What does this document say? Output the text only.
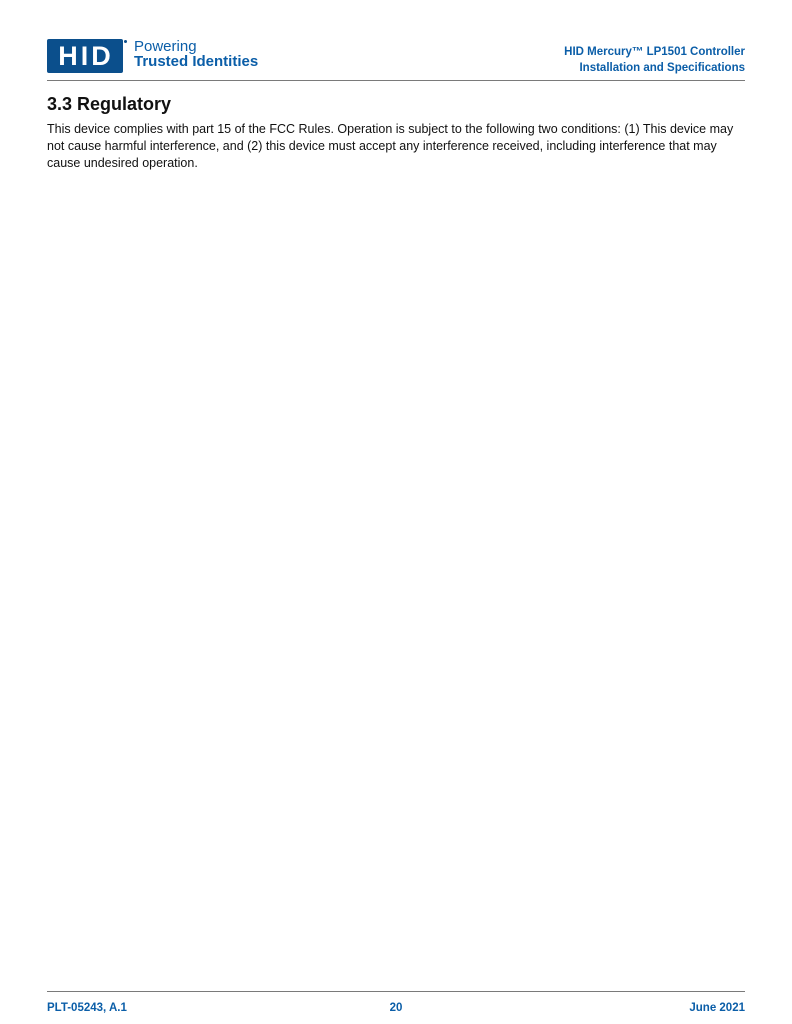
HID Powering
Trusted Identities
HID Mercury™ LP1501 Controller
Installation and Specifications
3.3 Regulatory

This device complies with part 15 of the FCC Rules. Operation is subject to the following two conditions: (1) This device may not cause harmful interference, and (2) this device must accept any interference received, including interference that may cause undesired operation.

PLT-05243, A.1	20	June 2021
